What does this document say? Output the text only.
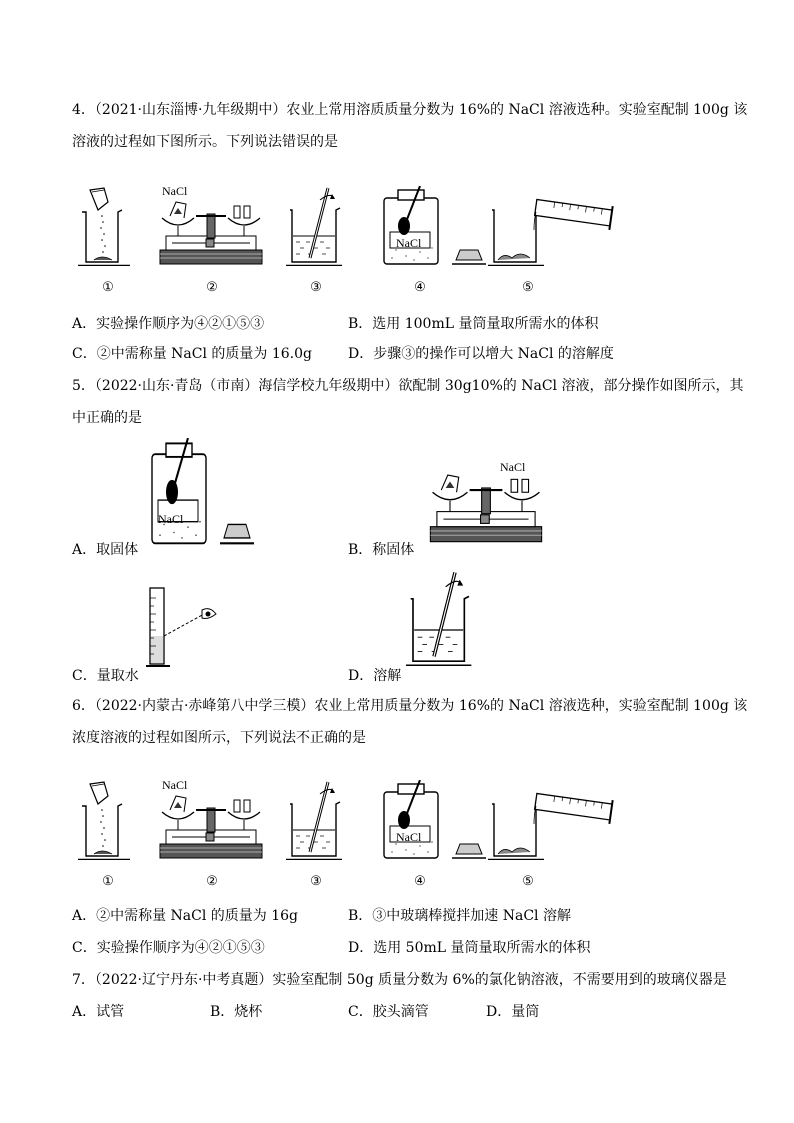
4．（2021·山东淄博·九年级期中）农业上常用溶质质量分数为 16%的 NaCl 溶液选种。实验室配制 100g 该
溶液的过程如下图所示。下列说法错误的是
NaCl
NaCl
①	②	③	④	⑤
A．实验操作顺序为④②①⑤③	B．选用 100mL 量筒量取所需水的体积
C．②中需称量 NaCl 的质量为 16.0g	D．步骤③的操作可以增大 NaCl 的溶解度
5．（2022·山东·青岛（市南）海信学校九年级期中）欲配制 30g10%的 NaCl 溶液，部分操作如图所示，其
中正确的是
NaCl
A．取固体
NaCl
B．称固体
C．量取水	D．溶解
6．（2022·内蒙古·赤峰第八中学三模）农业上常用质量分数为 16%的 NaCl 溶液选种，实验室配制 100g 该
浓度溶液的过程如图所示，下列说法不正确的是
NaCl
NaCl
①	②	③	④	⑤
A．②中需称量 NaCl 的质量为 16g	B．③中玻璃棒搅拌加速 NaCl 溶解
C．实验操作顺序为④②①⑤③	D．选用 50mL 量筒量取所需水的体积
7．（2022·辽宁丹东·中考真题）实验室配制 50g 质量分数为 6%的氯化钠溶液，不需要用到的玻璃仪器是
A．试管	B．烧杯	C．胶头滴管	D．量筒
